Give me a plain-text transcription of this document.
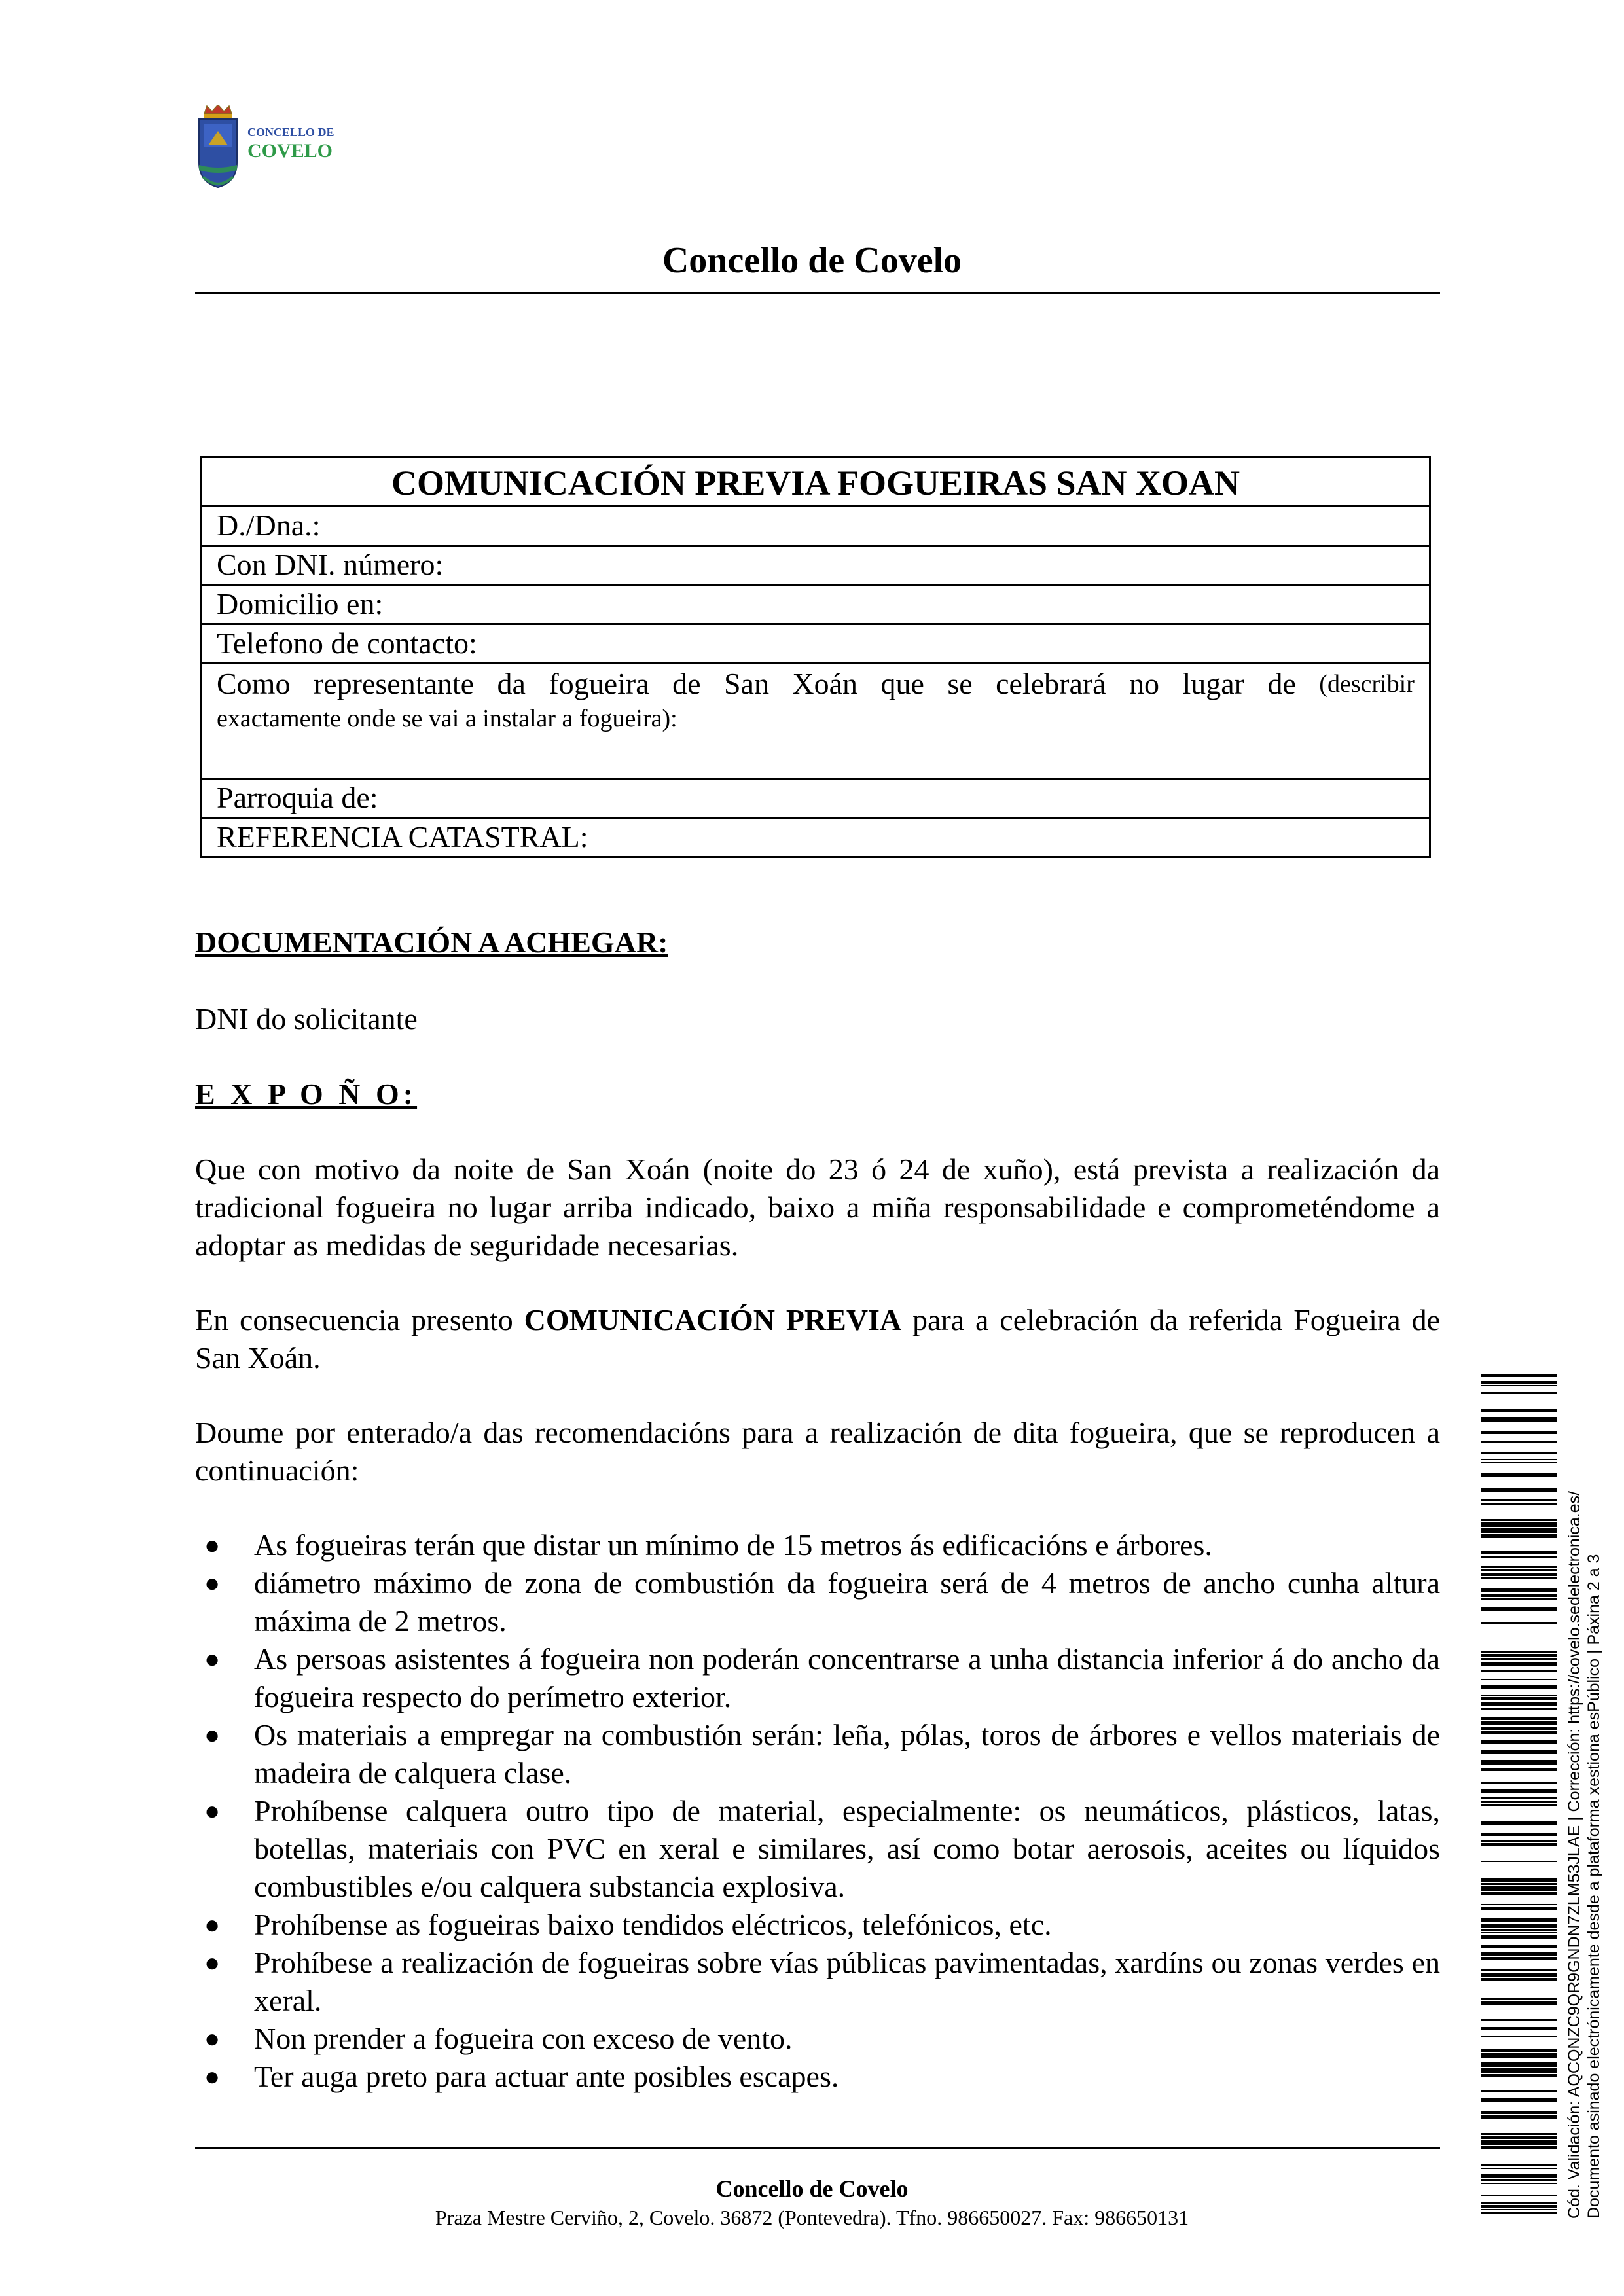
CONCELLO DE
COVELO
Concello de Covelo
COMUNICACIÓN PREVIA FOGUEIRAS SAN XOAN
D./Dna.:
Con DNI. número:
Domicilio en:
Telefono de contacto:
Como representante da fogueira de San Xoán que se celebrará no lugar de (describir
exactamente onde se vai a instalar a fogueira):
Parroquia de:
REFERENCIA CATASTRAL:
DOCUMENTACIÓN A ACHEGAR:
DNI do solicitante
E X P O Ñ O:
Que con motivo da noite de San Xoán (noite do 23 ó 24 de xuño), está prevista a realización da tradicional fogueira no lugar arriba indicado, baixo a miña responsabilidade e comprometéndome a adoptar as medidas de seguridade necesarias.
En consecuencia presento COMUNICACIÓN PREVIA para a celebración da referida Fogueira de San Xoán.
Doume por enterado/a das recomendacións para a realización de dita fogueira, que se reproducen a continuación:
● As fogueiras terán que distar un mínimo de 15 metros ás edificacións e árbores.
● diámetro máximo de zona de combustión da fogueira será de 4 metros de ancho cunha altura máxima de 2 metros.
● As persoas asistentes á fogueira non poderán concentrarse a unha distancia inferior á do ancho da fogueira respecto do perímetro exterior.
● Os materiais a empregar na combustión serán: leña, pólas, toros de árbores e vellos materiais de madeira de calquera clase.
● Prohíbense calquera outro tipo de material, especialmente: os neumáticos, plásticos, latas, botellas, materiais con PVC en xeral e similares, así como botar aerosois, aceites ou líquidos combustibles e/ou calquera substancia explosiva.
● Prohíbense as fogueiras baixo tendidos eléctricos, telefónicos, etc.
● Prohíbese a realización de fogueiras sobre vías públicas pavimentadas, xardíns ou zonas verdes en xeral.
● Non prender a fogueira con exceso de vento.
● Ter auga preto para actuar ante posibles escapes.
Concello de Covelo
Praza Mestre Cerviño, 2, Covelo. 36872 (Pontevedra). Tfno. 986650027. Fax: 986650131	Cód. Validación: AQCQNZC9QR9GNDN7ZLM53JLAE | Corrección: https://covelo.sedelectronica.es/ Documento asinado electrónicamente desde a plataforma xestiona esPúblico | Páxina 2 a 3
